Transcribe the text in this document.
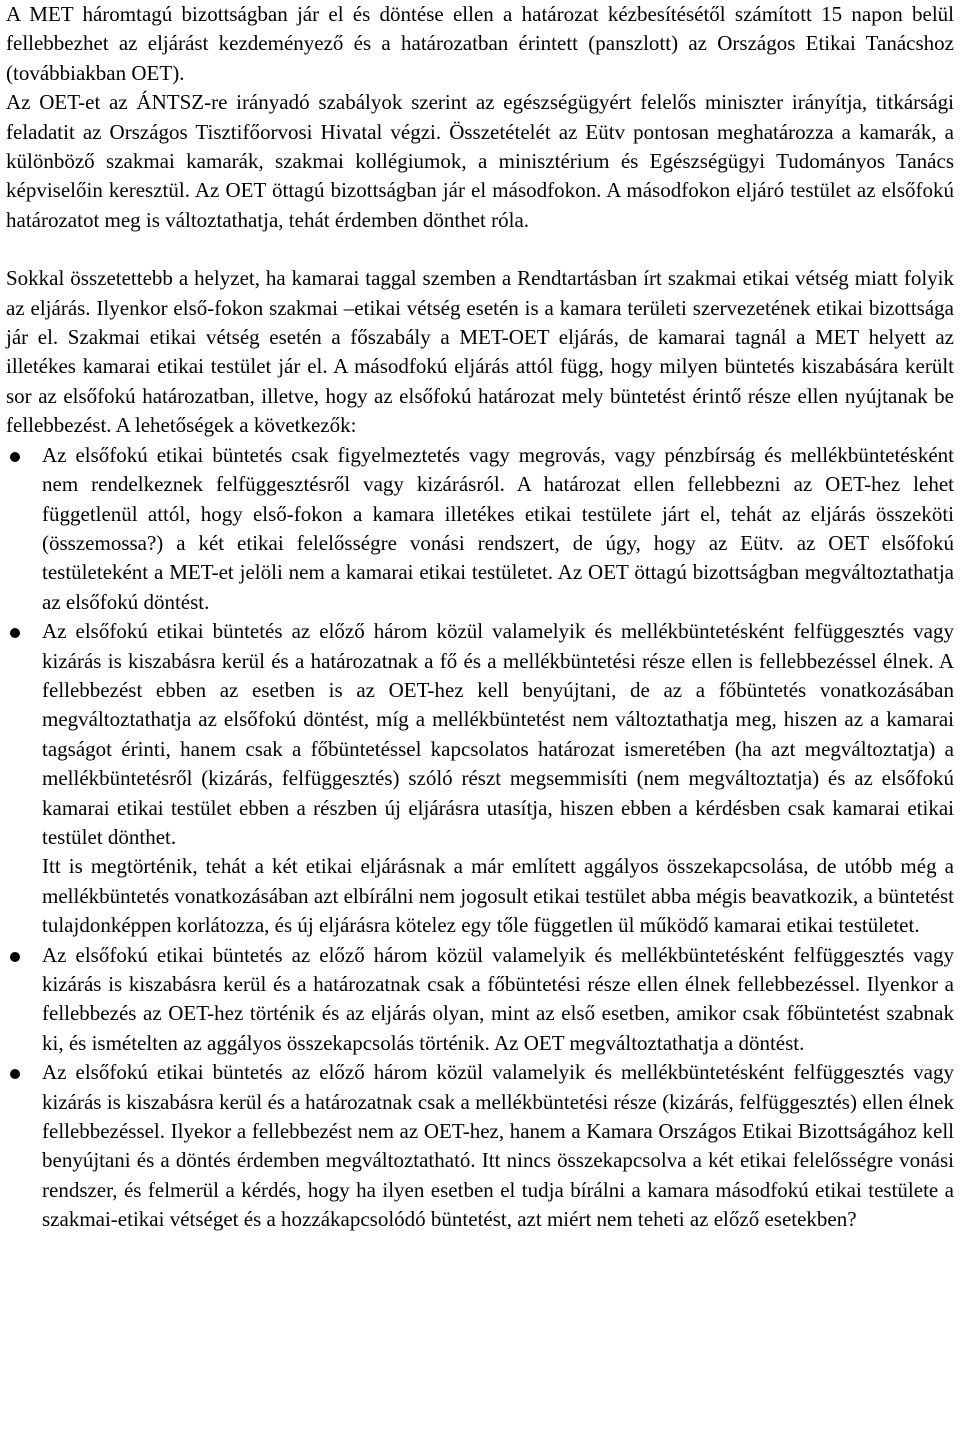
A MET háromtagú bizottságban jár el és döntése ellen a határozat kézbesítésétől számított 15 napon belül fellebbezhet az eljárást kezdeményező és a határozatban érintett (panszlott) az Országos Etikai Tanácshoz (továbbiakban OET).

Az OET-et az ÁNTSZ-re irányadó szabályok szerint az egészségügyért felelős miniszter irányítja, titkársági feladatit az Országos Tisztifőorvosi Hivatal végzi. Összetételét az Eütv pontosan meghatározza a kamarák, a különböző szakmai kamarák, szakmai kollégiumok, a minisztérium és Egészségügyi Tudományos Tanács képviselőin keresztül. Az OET öttagú bizottságban jár el másodfokon. A másodfokon eljáró testület az elsőfokú határozatot meg is változtathatja, tehát érdemben dönthet róla.

Sokkal összetettebb a helyzet, ha kamarai taggal szemben a Rendtartásban írt szakmai etikai vétség miatt folyik az eljárás. Ilyenkor első-fokon szakmai –etikai vétség esetén is a kamara területi szervezetének etikai bizottsága jár el. Szakmai etikai vétség esetén a főszabály a MET-OET eljárás, de kamarai tagnál a MET helyett az illetékes kamarai etikai testület jár el. A másodfokú eljárás attól függ, hogy milyen büntetés kiszabására került sor az elsőfokú határozatban, illetve, hogy az elsőfokú határozat mely büntetést érintő része ellen nyújtanak be fellebbezést. A lehetőségek a következők:

Az elsőfokú etikai büntetés csak figyelmeztetés vagy megrovás, vagy pénzbírság és mellékbüntetésként nem rendelkeznek felfüggesztésről vagy kizárásról. A határozat ellen fellebbezni az OET-hez lehet függetlenül attól, hogy első-fokon a kamara illetékes etikai testülete járt el, tehát az eljárás összeköti (összemossa?) a két etikai felelősségre vonási rendszert, de úgy, hogy az Eütv. az OET elsőfokú testületeként a MET-et jelöli nem a kamarai etikai testületet. Az OET öttagú bizottságban megváltoztathatja az elsőfokú döntést.
Az elsőfokú etikai büntetés az előző három közül valamelyik és mellékbüntetésként felfüggesztés vagy kizárás is kiszabásra kerül és a határozatnak a fő és a mellékbüntetési része ellen is fellebbezéssel élnek. A fellebbezést ebben az esetben is az OET-hez kell benyújtani, de az a főbüntetés vonatkozásában megváltoztathatja az elsőfokú döntést, míg a mellékbüntetést nem változtathatja meg, hiszen az a kamarai tagságot érinti, hanem csak a főbüntetéssel kapcsolatos határozat ismeretében (ha azt megváltoztatja) a mellékbüntetésről (kizárás, felfüggesztés) szóló részt megsemmisíti (nem megváltoztatja) és az elsőfokú kamarai etikai testület ebben a részben új eljárásra utasítja, hiszen ebben a kérdésben csak kamarai etikai testület dönthet.

Itt is megtörténik, tehát a két etikai eljárásnak a már említett aggályos összekapcsolása, de utóbb még a mellékbüntetés vonatkozásában azt elbírálni nem jogosult etikai testület abba mégis beavatkozik, a büntetést tulajdonképpen korlátozza, és új eljárásra kötelez egy tőle független ül működő kamarai etikai testületet.

Az elsőfokú etikai büntetés az előző három közül valamelyik és mellékbüntetésként felfüggesztés vagy kizárás is kiszabásra kerül és a határozatnak csak a főbüntetési része ellen élnek fellebbezéssel. Ilyenkor a fellebbezés az OET-hez történik és az eljárás olyan, mint az első esetben, amikor csak főbüntetést szabnak ki, és ismételten az aggályos összekapcsolás történik. Az OET megváltoztathatja a döntést.
Az elsőfokú etikai büntetés az előző három közül valamelyik és mellékbüntetésként felfüggesztés vagy kizárás is kiszabásra kerül és a határozatnak csak a mellékbüntetési része (kizárás, felfüggesztés) ellen élnek fellebbezéssel. Ilyekor a fellebbezést nem az OET-hez, hanem a Kamara Országos Etikai Bizottságához kell benyújtani és a döntés érdemben megváltoztatható. Itt nincs összekapcsolva a két etikai felelősségre vonási rendszer, és felmerül a kérdés, hogy ha ilyen esetben el tudja bírálni a kamara másodfokú etikai testülete a szakmai-etikai vétséget és a hozzákapcsolódó büntetést, azt miért nem teheti az előző esetekben?
